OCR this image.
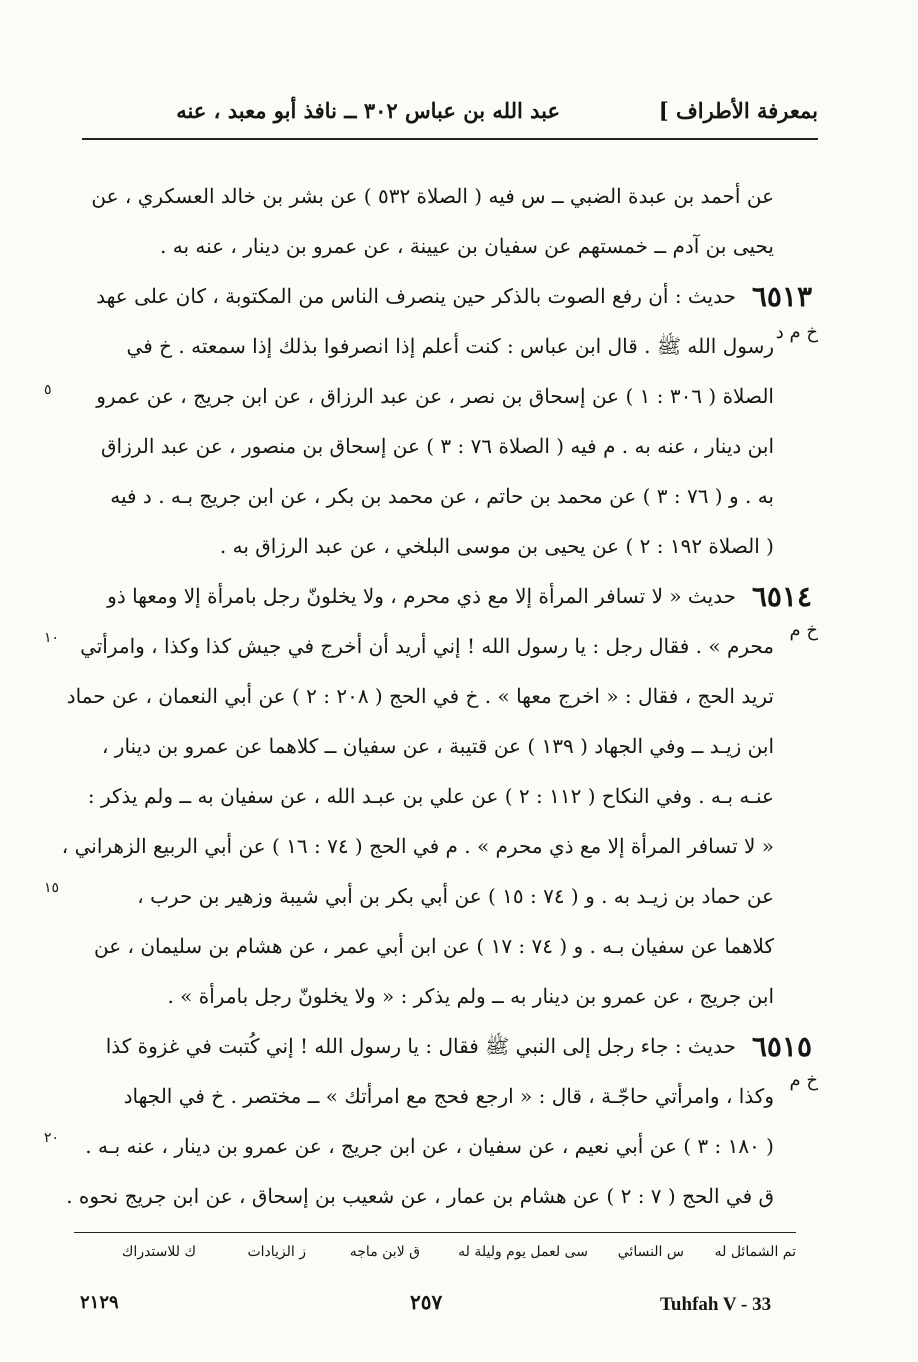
بمعرفة الأطراف ]
عبد الله بن عباس ٣٠٢ ــ نافذ أبو معبد ، عنه
عن أحمد بن عبدة الضبي ــ س فيه ( الصلاة ٥٣٢ ) عن بشر بن خالد العسكري ، عن
يحيى بن آدم ــ خمستهم عن سفيان بن عيينة ، عن عمرو بن دينار ، عنه به .
٦٥١٣
حديث : أن رفع الصوت بالذكر حين ينصرف الناس من المكتوبة ، كان على عهد
خ م د
رسول الله ﷺ . قال ابن عباس : كنت أعلم إذا انصرفوا بذلك إذا سمعته . خ في
الصلاة ( ٣٠٦ : ١ ) عن إسحاق بن نصر ، عن عبد الرزاق ، عن ابن جريج ، عن عمرو
٥
ابن دينار ، عنه به . م فيه ( الصلاة ٧٦ : ٣ ) عن إسحاق بن منصور ، عن عبد الرزاق
به . و ( ٧٦ : ٣ ) عن محمد بن حاتم ، عن محمد بن بكر ، عن ابن جريج بـه . د فيه
( الصلاة ١٩٢ : ٢ ) عن يحيى بن موسى البلخي ، عن عبد الرزاق به .
٦٥١٤
حديث « لا تسافر المرأة إلا مع ذي محرم ، ولا يخلونّ رجل بامرأة إلا ومعها ذو
خ م
محرم » . فقال رجل : يا رسول الله ! إني أريد أن أخرج في جيش كذا وكذا ، وامرأتي
١٠
تريد الحج ، فقال : « اخرج معها » . خ في الحج ( ٢٠٨ : ٢ ) عن أبي النعمان ، عن حماد
ابن زيـد ــ وفي الجهاد ( ١٣٩ ) عن قتيبة ، عن سفيان ــ كلاهما عن عمرو بن دينار ،
عنـه بـه . وفي النكاح ( ١١٢ : ٢ ) عن علي بن عبـد الله ، عن سفيان به ــ ولم يذكر :
« لا تسافر المرأة إلا مع ذي محرم » . م في الحج ( ٧٤ : ١٦ ) عن أبي الربيع الزهراني ،
عن حماد بن زيـد به . و ( ٧٤ : ١٥ ) عن أبي بكر بن أبي شيبة وزهير بن حرب ،
١٥
كلاهما عن سفيان بـه . و ( ٧٤ : ١٧ ) عن ابن أبي عمر ، عن هشام بن سليمان ، عن
ابن جريج ، عن عمرو بن دينار به ــ ولم يذكر : « ولا يخلونّ رجل بامرأة » .
٦٥١٥
حديث : جاء رجل إلى النبي ﷺ فقال : يا رسول الله ! إني كُتبت في غزوة كذا
خ م
وكذا ، وامرأتي حاجّـة ، قال : « ارجع فحج مع امرأتك » ــ مختصر . خ في الجهاد
( ١٨٠ : ٣ ) عن أبي نعيم ، عن سفيان ، عن ابن جريج ، عن عمرو بن دينار ، عنه بـه .
٢٠
ق في الحج ( ٧ : ٢ ) عن هشام بن عمار ، عن شعيب بن إسحاق ، عن ابن جريج نحوه .
تم الشمائل له
س النسائي
سى لعمل يوم وليلة له
ق لابن ماجه
ز الزيادات
ك للاستدراك
٢١٢٩	٢٥٧	Tuhfah V - 33
